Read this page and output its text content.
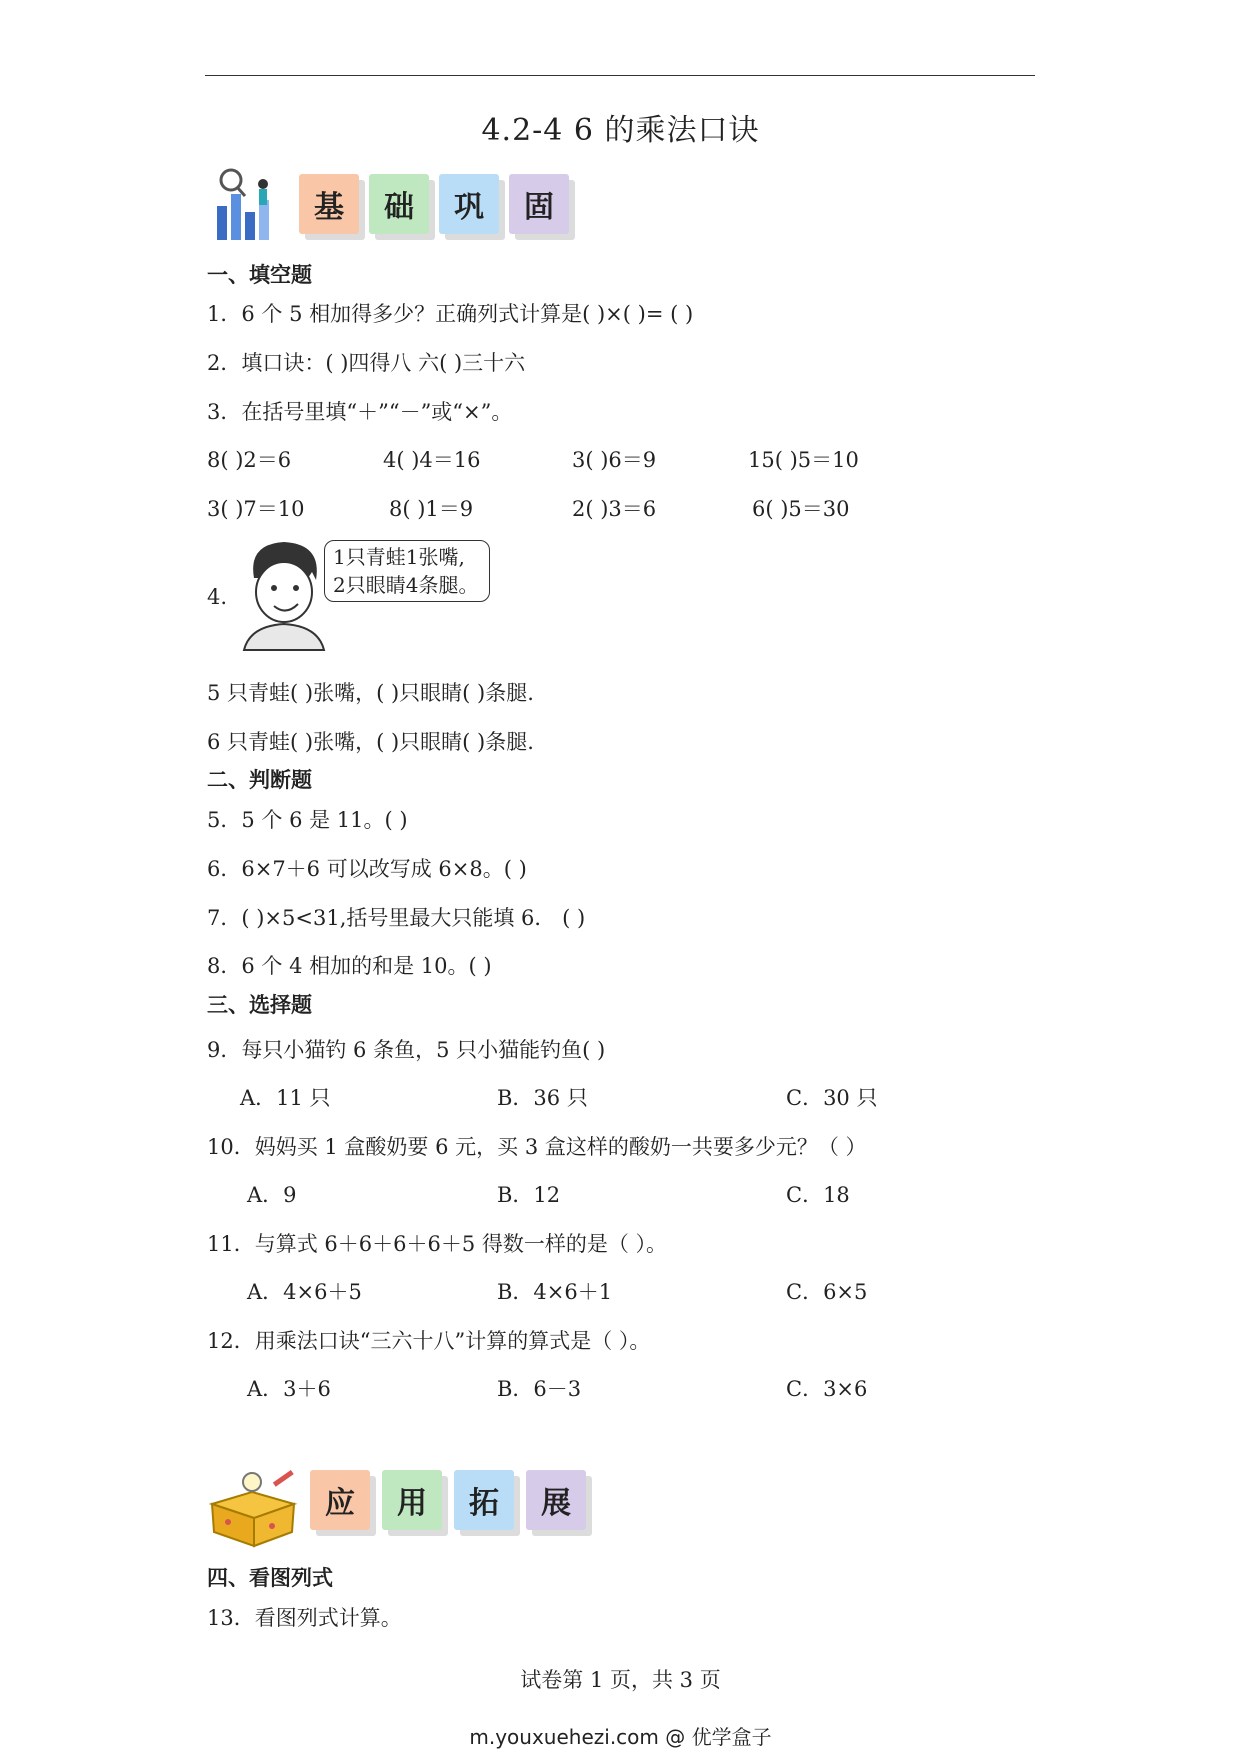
4.2-4 6 的乘法口诀
基	础	巩	固
一、填空题
1．6 个 5 相加得多少？正确列式计算是( )×( )= ( )
2．填口诀：( )四得八 六( )三十六
3．在括号里填“＋”“－”或“×”。
8( )2＝6	4( )4＝16	3( )6＝9	15( )5＝10
3( )7＝10	8( )1＝9	2( )3＝6	6( )5＝30
4.
1只青蛙1张嘴,
2只眼睛4条腿。
5 只青蛙( )张嘴，( )只眼睛( )条腿.
6 只青蛙( )张嘴，( )只眼睛( )条腿.
二、判断题
5．5 个 6 是 11。( )
6．6×7＋6 可以改写成 6×8。( )
7．( )×5<31,括号里最大只能填 6． ( )
8．6 个 4 相加的和是 10。( )
三、选择题
9．每只小猫钓 6 条鱼，5 只小猫能钓鱼( )
A．11 只	B．36 只	C．30 只
10．妈妈买 1 盒酸奶要 6 元，买 3 盒这样的酸奶一共要多少元？（ ）
A．9	B．12	C．18
11．与算式 6＋6＋6＋6＋5 得数一样的是（ ）。
A．4×6＋5	B．4×6＋1	C．6×5
12．用乘法口诀“三六十八”计算的算式是（ ）。
A．3＋6	B．6－3	C．3×6
应	用	拓	展
四、看图列式
13．看图列式计算。
试卷第 1 页，共 3 页
m.youxuehezi.com @ 优学盒子
